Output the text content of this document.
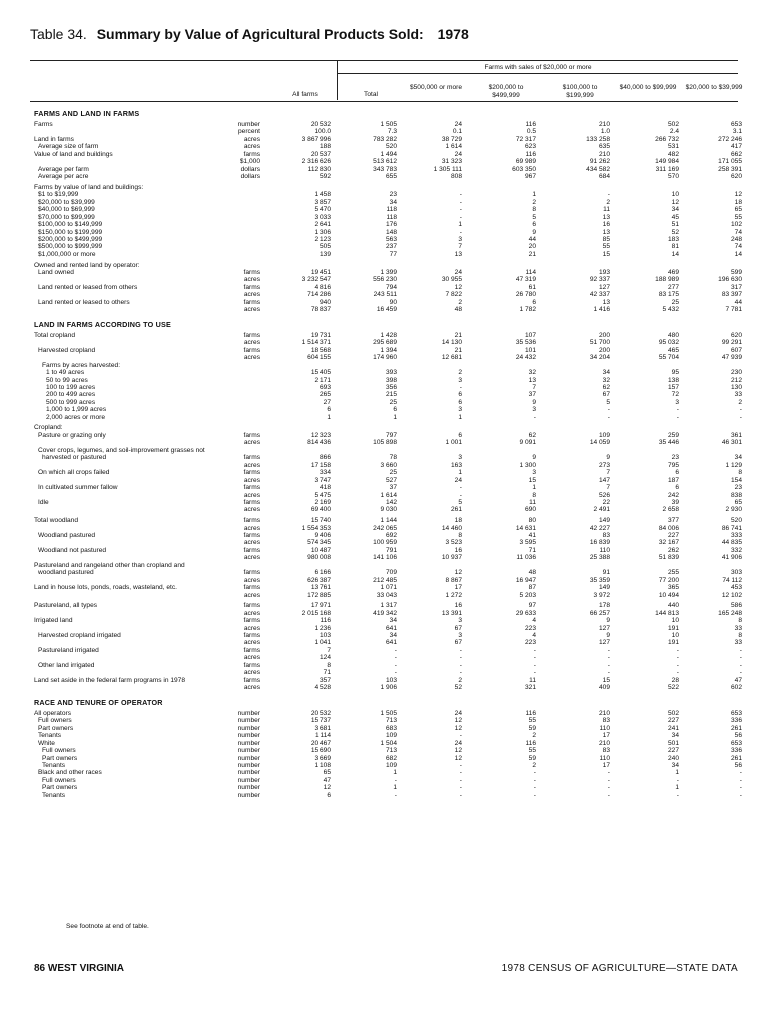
Table 34. Summary by Value of Agricultural Products Sold: 1978
Farms with sales of $20,000 or more
All farms	Total
$500,000 or more	$200,000 to $499,999
$100,000 to $199,999
$40,000 to $99,999	$20,000 to $39,999
FARMS AND LAND IN FARMS
Farms	number	20 532	1 505	24	116	210	502	653
percent	100.0	7.3	0.1	0.5	1.0	2.4	3.1
Land in farms	acres	3 867 996	783 282	38 729	72 317	133 258	266 732	272 246
Average size of farm	acres	188	520	1 614	623	635	531	417
Value of land and buildings	farms	20 537	1 494	24	116	210	482	662
$1,000	2 316 626	513 612	31 323	69 989	91 262	149 984	171 055
Average per farm	dollars	112 830	343 783	1 305 111	603 350	434 582	311 169	258 391
Average per acre	dollars	592	655	808	967	684	570	620
Farms by value of land and buildings:
$1 to $19,999	1 458	23	-	1	-	10	12
$20,000 to $39,999	3 857	34	-	2	2	12	18
$40,000 to $69,999	5 470	118	-	8	11	34	65
$70,000 to $99,999	3 033	118	-	5	13	45	55
$100,000 to $149,999	2 641	176	1	6	16	51	102
$150,000 to $199,999	1 306	148	-	9	13	52	74
$200,000 to $499,999	2 123	563	3	44	85	183	248
$500,000 to $999,999	505	237	7	20	55	81	74
$1,000,000 or more	139	77	13	21	15	14	14
Owned and rented land by operator:
Land owned	farms	19 451	1 399	24	114	193	469	599
acres	3 232 547	556 230	30 955	47 319	92 337	188 989	196 630
Land rented or leased from others	farms	4 816	794	12	61	127	277	317
acres	714 286	243 511	7 822	26 780	42 337	83 175	83 397
Land rented or leased to others	farms	940	90	2	6	13	25	44
acres	78 837	16 459	48	1 782	1 416	5 432	7 781
LAND IN FARMS ACCORDING TO USE
Total cropland	farms	19 731	1 428	21	107	200	480	620
acres	1 514 371	295 689	14 130	35 536	51 700	95 032	99 291
Harvested cropland	farms	18 568	1 394	21	101	200	465	607
acres	604 155	174 960	12 681	24 432	34 204	55 704	47 939
Farms by acres harvested:
1 to 49 acres	15 405	393	2	32	34	95	230
50 to 99 acres	2 171	398	3	13	32	138	212
100 to 199 acres	693	356	-	7	62	157	130
200 to 499 acres	265	215	6	37	67	72	33
500 to 999 acres	27	25	6	9	5	3	2
1,000 to 1,999 acres	6	6	3	3	-	-	-
2,000 acres or more	1	1	1	-	-	-	-
Cropland:
Pasture or grazing only	farms	12 323	797	6	62	109	259	361
acres	814 436	105 898	1 001	9 091	14 059	35 446	46 301
Cover crops, legumes, and soil-improvement grasses not
harvested or pastured	farms	866	78	3	9	9	23	34
acres	17 158	3 660	163	1 300	273	795	1 129
On which all crops failed	farms	334	25	1	3	7	6	8
acres	3 747	527	24	15	147	187	154
In cultivated summer fallow	farms	418	37	-	1	7	6	23
acres	5 475	1 614	-	8	526	242	838
Idle	farms	2 169	142	5	11	22	39	65
acres	69 400	9 030	261	690	2 491	2 658	2 930
Total woodland	farms	15 740	1 144	18	80	149	377	520
acres	1 554 353	242 065	14 460	14 631	42 227	84 006	86 741
Woodland pastured	farms	9 406	692	8	41	83	227	333
acres	574 345	100 959	3 523	3 595	16 839	32 167	44 835
Woodland not pastured	farms	10 487	791	16	71	110	262	332
acres	980 008	141 106	10 937	11 036	25 388	51 839	41 906
Pastureland and rangeland other than cropland and
woodland pastured	farms	6 166	709	12	48	91	255	303
acres	626 387	212 485	8 867	16 947	35 359	77 200	74 112
Land in house lots, ponds, roads, wasteland, etc.	farms	13 761	1 071	17	87	149	365	453
acres	172 885	33 043	1 272	5 203	3 972	10 494	12 102
Pastureland, all types	farms	17 971	1 317	16	97	178	440	586
acres	2 015 168	419 342	13 391	29 633	66 257	144 813	165 248
Irrigated land	farms	116	34	3	4	9	10	8
acres	1 236	641	67	223	127	191	33
Harvested cropland irrigated	farms	103	34	3	4	9	10	8
acres	1 041	641	67	223	127	191	33
Pastureland irrigated	farms	7	-	-	-	-	-	-
acres	124	-	-	-	-	-	-
Other land irrigated	farms	8	-	-	-	-	-	-
acres	71	-	-	-	-	-	-
Land set aside in the federal farm programs in 1978	farms	357	103	2	11	15	28	47
acres	4 528	1 906	52	321	409	522	602
RACE AND TENURE OF OPERATOR
All operators	number	20 532	1 505	24	116	210	502	653
Full owners	number	15 737	713	12	55	83	227	336
Part owners	number	3 681	683	12	59	110	241	261
Tenants	number	1 114	109	-	2	17	34	56
White	number	20 467	1 504	24	116	210	501	653
Full owners	number	15 690	713	12	55	83	227	336
Part owners	number	3 669	682	12	59	110	240	261
Tenants	number	1 108	109	-	2	17	34	56
Black and other races	number	65	1	-	-	-	1	-
Full owners	number	47	-	-	-	-	-	-
Part owners	number	12	1	-	-	-	1	-
Tenants	number	6	-	-	-	-	-	-
See footnote at end of table.
86 WEST VIRGINIA	1978 CENSUS OF AGRICULTURE—STATE DATA
